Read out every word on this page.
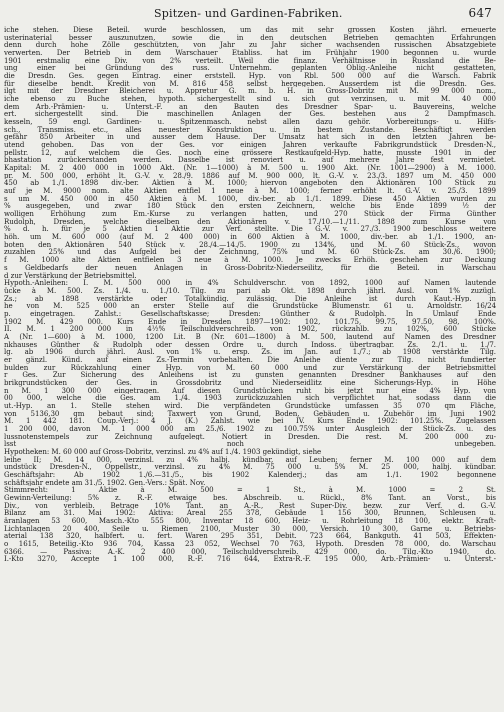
Spitzen- und Gardinen-Fabriken.	647
iche stehen. Diese Beteil. wurde beschlossen, um das mit sehr grossen Kosten jährl. erneuerte
usterinaterial besser auszunutzen, sowie die in den deutschen Betrieben gemachten Erfahrungen
denn durch hohe Zölle geschützten, von Jahr zu Jahr sicher wachsenden russischen Absatzgebiete
verwerten. Der Betrieb in dem Warschauer Etabliss. hat im Frühjahr 1900 begonnen u. wurde
1901 erstmalig eine Div. von 2% verteilt. Weil die finanz. Verhältnisse in Russland die Be-
ung einer bei Gründung des russ. Unternehm. geplanten Oblig.-Anleihe nicht gestatteten,
die Dresdn. Ges. gegen Eintrag. einer erststell. Hyp. von Rbl. 500 000 auf die Warsch. Fabrik
für dieselbe bendt. Kredit von M. 816 458 selbst hergegeben. Ausserdem ist die Dresdn. Ges.
ilgt mit der Dresdner Bleicherei u. Appretur G. m. b. H. in Gross-Dobritz mit M. 99 000 nom.,
iche ebenso zu Buche stehen, hypoth. sichergestellt sind u. sich gut verzinsen, u. mit M. 40 000
dem Arb.-Prämien- u. Unterst.-F. an den Bauten des Dresdner Spar- u. Bauvereins, welche
ert. sichergestellt sind. Die maschinellen Anlagen der Ges. bestehen aus 2 Dampfmasch.
kesseln, 59 engl. Gardinen- u. Spitzenmasch. nebst allen dazu gehör. Vorbereitungs- u. Hilfs-
sch., Transmiss. etc., alles neuester Konstruktion u. in bestem Zustande. Beschäftigt werden
gefähr 850 Arbeiter in und ausser dem Hause. Der Umsatz hat sich in den letzten Jahren be-
utend gehoben. Das von der Ges. vor einigen Jahren verkaufte Fabrikgrundstück Dresden-N.,
pellstr. 12, auf welchem die Ges. noch eine grössere Restkaufgeld-Hyp. hatte, musste 1901 in der
bhastation zurückerstanden werden. Dasselbe ist renoviert u. auf mehrere Jahre fest vermietet.
Kapital: M. 2 400 000 in 1000 Akt. (Nr. 1—1000) à M. 500 u. 1900 Akt. (Nr. 1001—2900) à M. 1000.
pr. M. 500 000, erhöht lt. G.-V. v. 28./9. 1886 auf M. 900 000, lt. G.-V. v. 23./3. 1897 um M. 450 000
450 ab 1./1. 1898 div.-ber. Aktien à M. 1000; hiervon angeboten den Aktionären 100 Stück zu
auf je M. 9000 nom. alte Aktien entfiel 1 neue à M. 1000; ferner erhöht lt. G.-V. v. 25./3. 1899
s um M. 450 000 in 450 Aktien à M. 1000, div.-ber. ab 1./1. 1899. Diese 450 Aktien wurden zu
% ausgegeben, und zwar 180 Stück den ersten Zeichnern, welche bis Ende 1899 ½ der
wolligen Erhöhung zum Em.-Kurse zu verlangen hatten, und 270 Stück der Firma Günther
Rudolph, Dresden, welche dieselben den Aktionären v. 17./10.—1./11. 1898 zum Kurse von
% d. h. für je 5 Aktien 1 Aktie zur Verf. stellte. Die G.-V. v. 27./3. 1900 beschloss weitere
höh. um M. 600 000 (auf M. 2 400 000) in 600 Aktien à M. 1000, div.-ber. ab 1./1. 1900, an-
boten den Aktionären 540 Stück v. 28./4.—14./5. 1900 zu 134%, und M. 60 Stück-Zs., wovon
zuzahlen 25% und das Aufgeld bei der Zeichnung, 75% und M. 60 Stück-Zs. am 30./6. 1900;
f M. 1000 alte Aktien entfielen 3 neue à M. 1000. Je zwecks Erhöh. geschehen zur Deckung
s Geldbedarfs der neuen Anlagen in Gross-Dobritz-Niederseilitz, für die Beteil. in Warschau
d zur Verstärkung der Betriebsmittel.
Hypoth.-Anleihen: I. M. 500 000 in 4% Schuldverschr. von 1892, 1000 auf Namen lautende
ücke à M. 500. Zs. 1./4. u. 1./10. Tilg. zu pari ab Okt. 1898 durch jährl. Ausl. von 1% zuzügl.
Zs.; ab 1898 verstärkte oder Totalkündig. zulässig. Die Anleihe ist durch Kaut.-Hyp. in
he von M. 525 000 an erster Stelle auf die Grundstücke Blumenstr. 61 u. Arnoldstr. 16/24
p. eingetragen. Zahlst.: Gesellschaftskasse; Dresden: Günther & Rudolph. In Umlauf Ende
1902 M. 429 000. Kurs Ende in Dresden 1897—1902: 102, 101.75, 99.75, 97.50, 98, 100%.
II. M. 1 200 000 in 4½% Teilschuldverschreib. von 1902, rückzahlb. zu 102%, 600 Stücke
A (Nr. 1—600) à M. 1000, 1200 Lit. B (Nr. 601—1800) à M. 500, lautend auf Namen des Dresdner
nkhauses Günther & Rudolph oder dessen Ordre u. durch Indoss. übertragbar. Zs. 2./1. u. 1./7.
lg. ab 1906 durch jährl. Ausl. von 1% u. ersp. Zs. im Jan. auf 1./7.; ab 1908 verstärkte Tilg.
er gänzl. Künd. auf einen Zs.-Termin vorbehalten. Die Anleihe diente zur Tilg. nicht fundierter
bulden zur Rückzahlung einer Hyp. von M. 60 000 und zur Verstärkung der Betriebsmittel
r Ges. Zur Sicherung des Anleihens ist zu gunsten genannten Dresdner Bankhauses auf den
brikgrundstücken der Ges. in Grossdobritz und Niederseidlitz eine Sicherungs-Hyp. in Höhe
n M. 1 300 000 eingetragen. Auf diesen Grundstücken ruht bis jetzt nur eine 4% Hyp. von
00 000, welche die Ges. am 1./4. 1903 zurückzuzahlen sich verpflichtet hat, sodass dann die
ut.-Hyp. an 1. Stelle stehen wird. Die verpfändeten Grundstücke umfassen 35 070 qm Fläche,
von 5136,30 qm bebaut sind; Taxwert von Grund, Boden, Gebäuden u. Zubehör im Juni 1902
M. 1 442 181. Coup.-Verj.: 4 J. (K.) Zahlst. wie bei IV. Kurs Ende 1902: 101.25%. Zugelassen
1 200 000, davon M. 1 000 000 am 25./6. 1902 zu 100.75% unter Ausgleich der Stück-Zs. u. des
lussnotenstempels zur Zeichnung aufgelegt. Notiert in Dresden. Die rest. M. 200 000 zu-
lsst noch unbegeben.
Hypotheken: M. 60 000 auf Gross-Dobritz, verzinsl. zu 4% auf 1./4. 1903 gekündigt, siehe
leihe II; M. 14 000, verzinsl. zu 4% halbj. kündbar, auf Leuben; ferner M. 100 000 auf dem
undstück Dresden-N., Oppellstr., verzinsl. zu 4% M. 75 000 u. 5% M. 25 000, halbj. kündbar.
Geschäftsjahr: Ab 1902 1./6.—31./5., bis 1902 Kalenderj.; das am 1./1. 1902 begonnene
schäftsjahr endete am 31./5. 1902. Gen.-Vers.: Spät. Nov.
Stimmrecht: 1 Aktie à M. 500 = 1 St., à M. 1000 = 2 St.
Gewinn-Verteilung: 5% z. R.-F. etwaige bes. Abschreib. u. Rückl., 8% Tant. an Vorst., bis
Div., von verbleib. Betrage 10% Tant. an A.-R., Rest Super-Div. bezw. zur Verf. d. G.-V.
Bilanz am 31. Mai 1902: Aktiva: Areal 255 378, Gebäude 1 156 300, Brunnen, Schleusen u.
äranlagen 53 600, Masch.-Kto 555 800, Inventar 18 600, Heiz- u. Rohrleitung 18 100, elektr. Kraft-
Lichtanlagen 20 400, Seile u. Riemen 2100, Muster 30 000, Versich. 10 300, Garne u. Betriebs-
aterial 138 320, halbfert. u. fert. Waren 295 351, Debit. 723 664, Bankguth. 41 503, Effekten-
o 1615, Beteilig.-Kto 936 704, Kassa 23 052, Wechsel 70 763, Hypoth. Dresden 78 000, do. Warschau
6366. — Passiva: A.-K. 2 400 000, Teilschuldverschreib. 429 000, do. Tilg.-Kto 1940, do.
I.-Kto 3270, Accepte 1 100 000, R.-F. 716 644, Extra-R.-F. 195 000, Arb.-Prämien- u. Unterst.-
